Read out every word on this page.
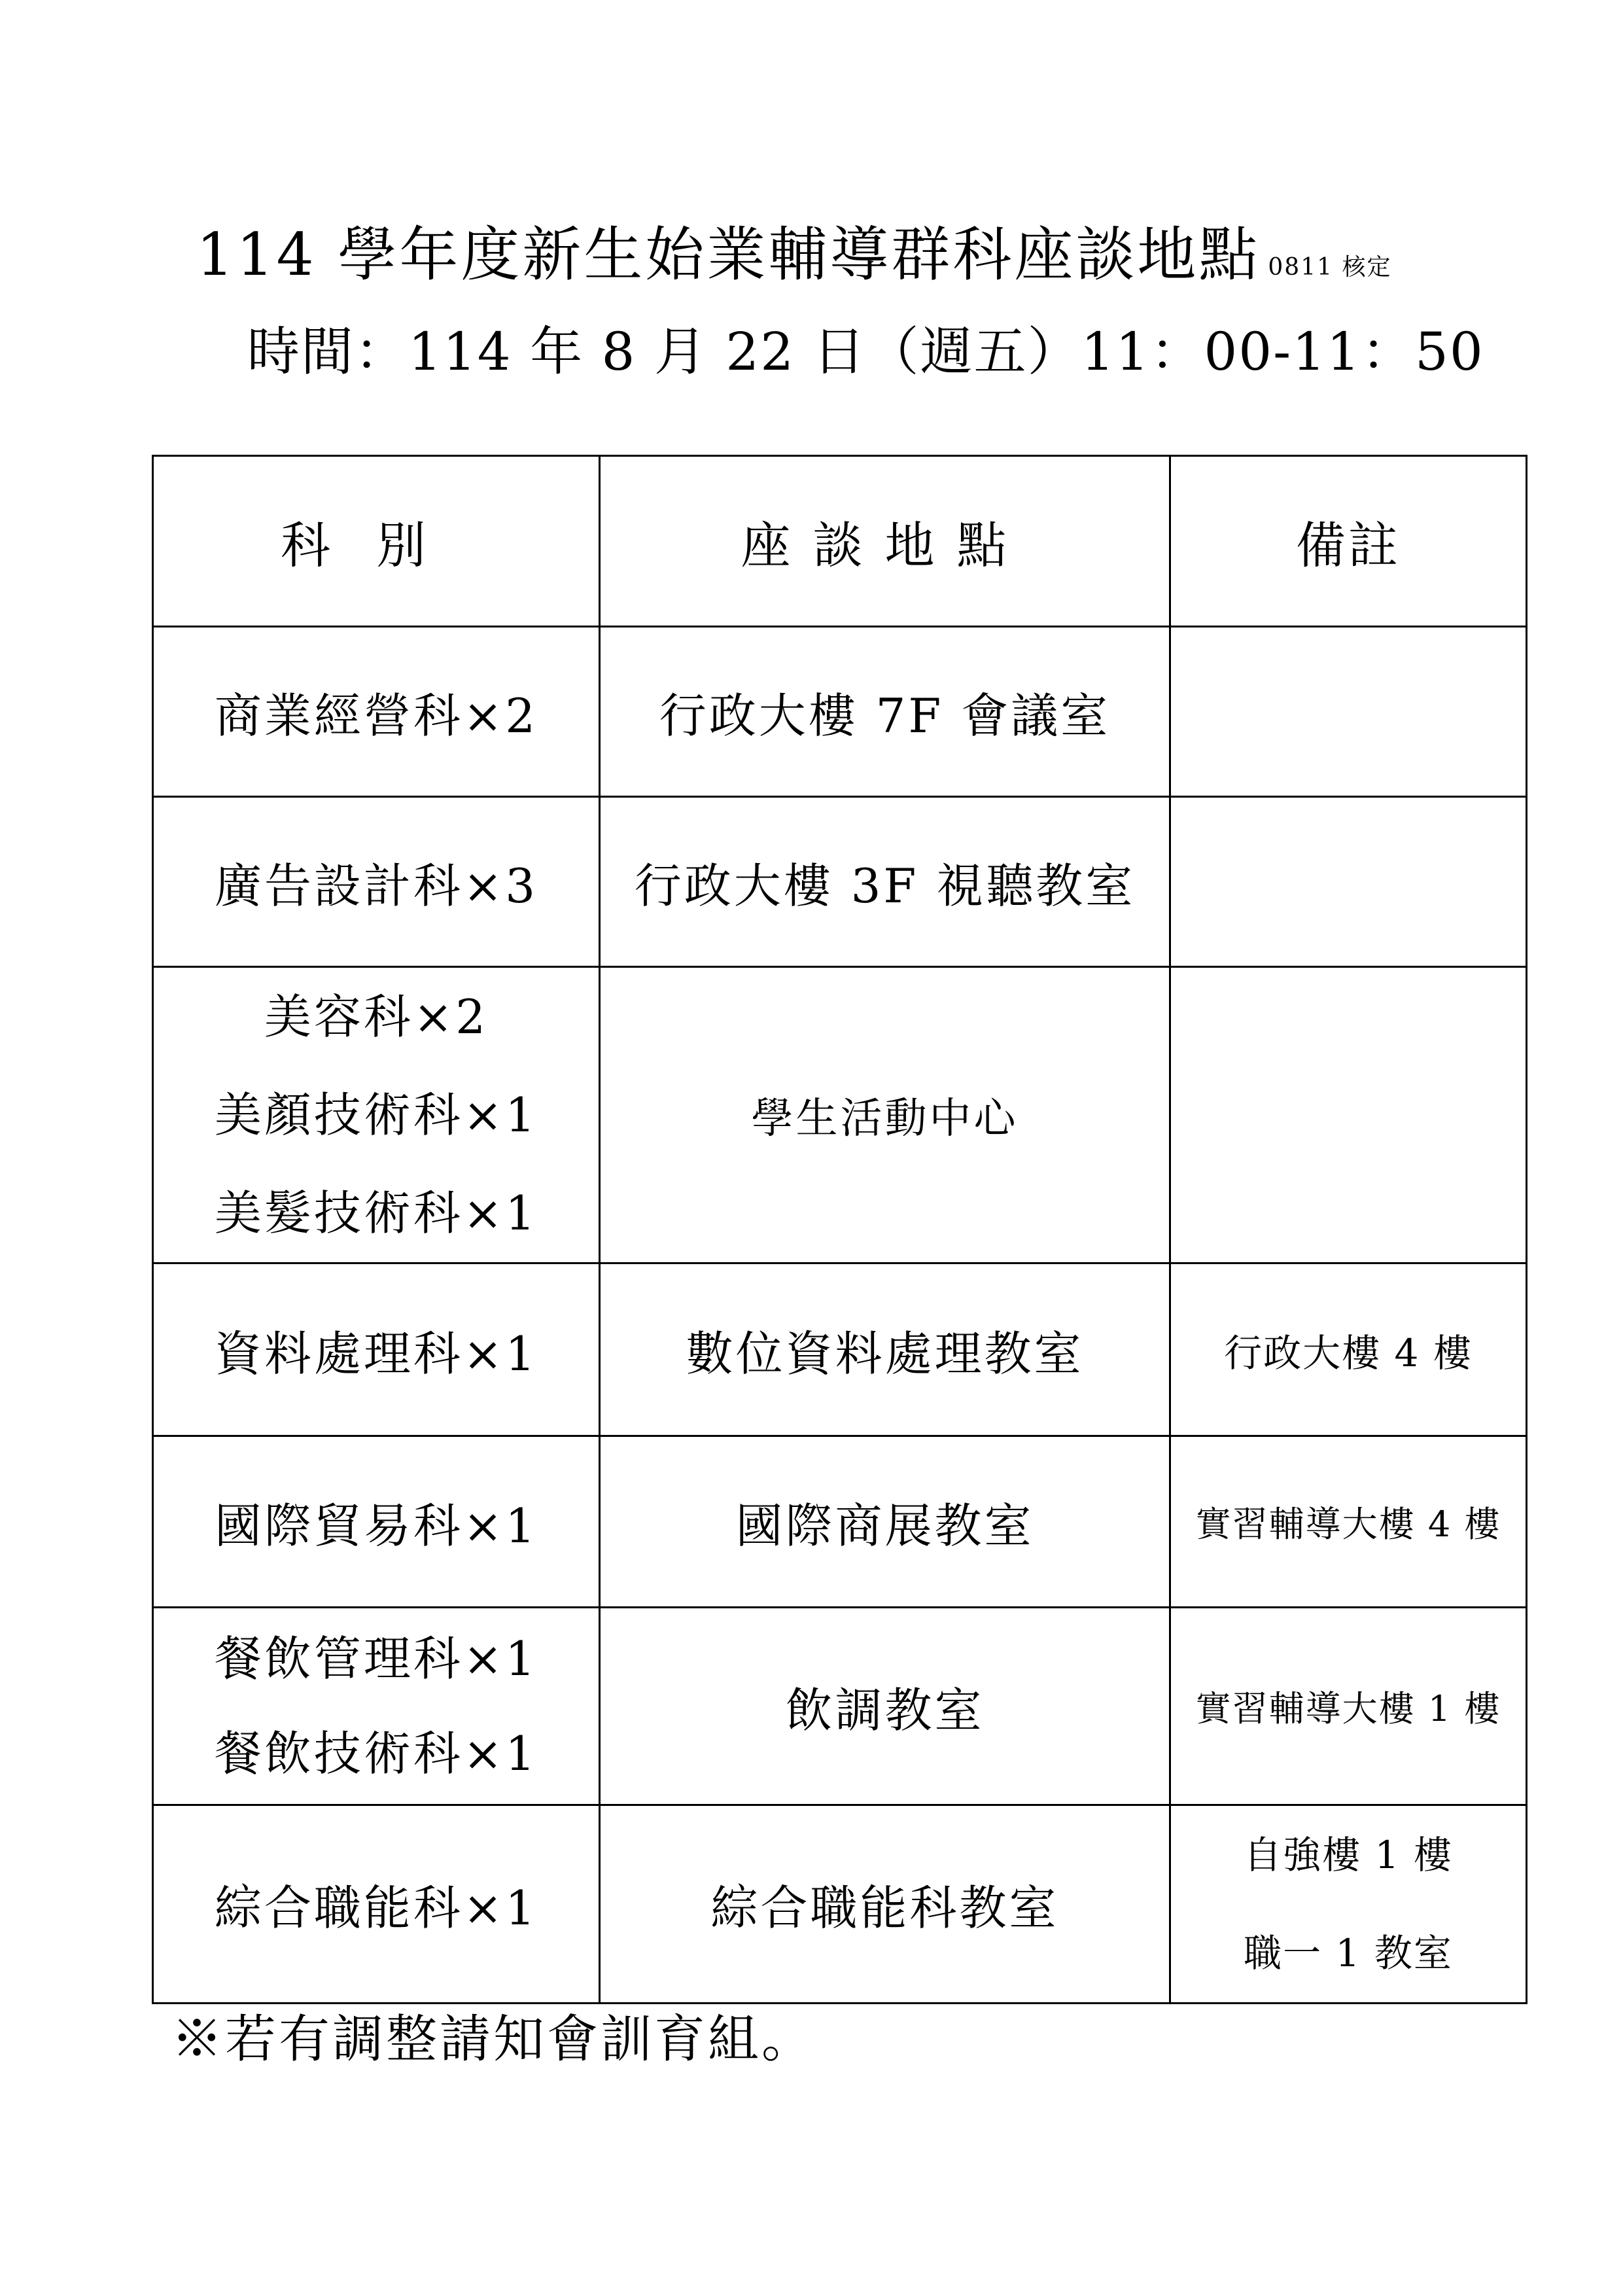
114 學年度新生始業輔導群科座談地點 0811 核定
時間：114 年 8 月 22 日（週五）11：00-11：50
科別	座談地點	備註

商業經營科×2	行政大樓 7F 會議室	

廣告設計科×3	行政大樓 3F 視聽教室	

美容科×2
美顏技術科×1
美髮技術科×1	學生活動中心	

資料處理科×1	數位資料處理教室	行政大樓 4 樓

國際貿易科×1	國際商展教室	實習輔導大樓 4 樓

餐飲管理科×1
餐飲技術科×1	飲調教室	實習輔導大樓 1 樓

綜合職能科×1	綜合職能科教室	自強樓 1 樓
職一 1 教室
※若有調整請知會訓育組。
